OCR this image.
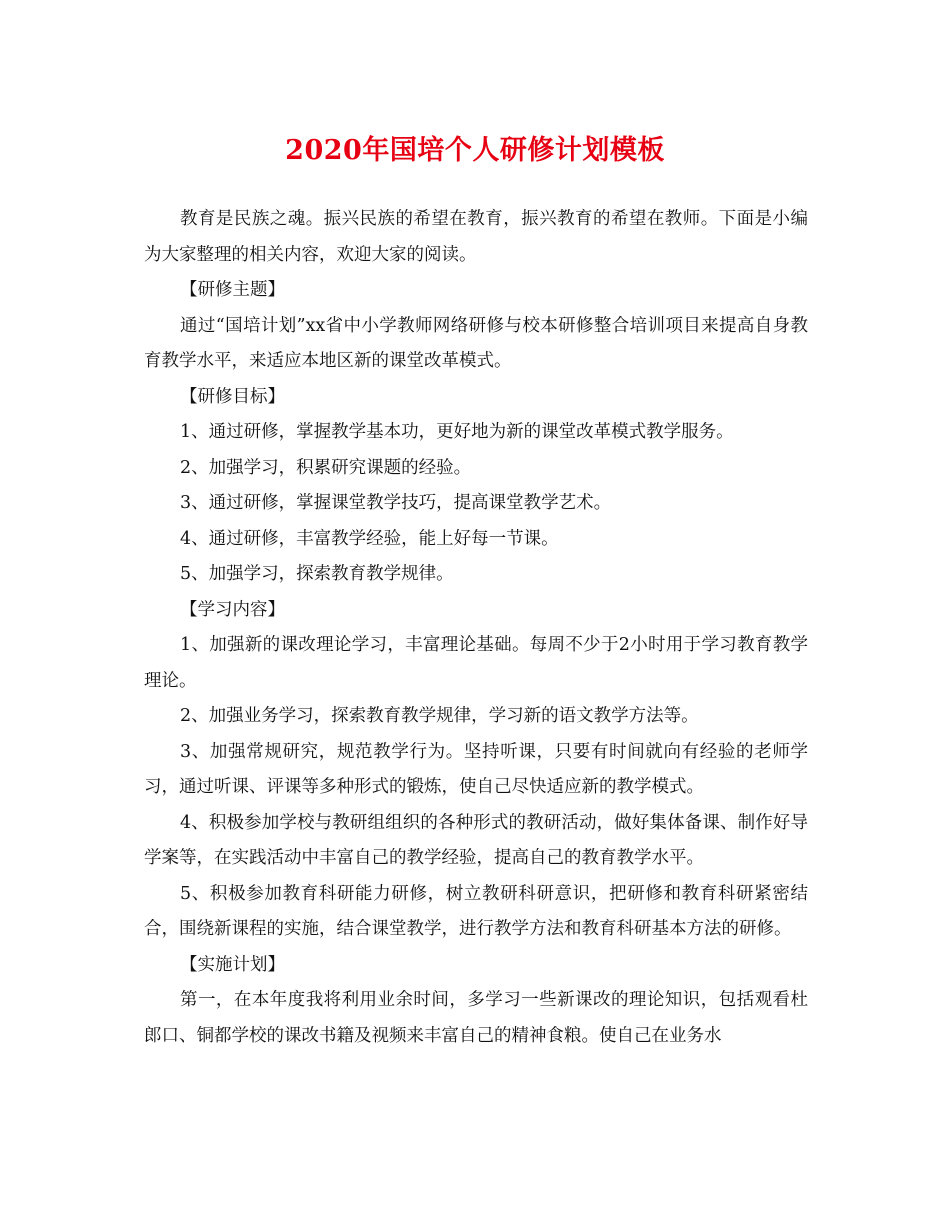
2020年国培个人研修计划模板

教育是民族之魂。振兴民族的希望在教育，振兴教育的希望在教师。下面是小编为大家整理的相关内容，欢迎大家的阅读。

【研修主题】

通过“国培计划”xx省中小学教师网络研修与校本研修整合培训项目来提高自身教育教学水平，来适应本地区新的课堂改革模式。

【研修目标】

1、通过研修，掌握教学基本功，更好地为新的课堂改革模式教学服务。

2、加强学习，积累研究课题的经验。

3、通过研修，掌握课堂教学技巧，提高课堂教学艺术。

4、通过研修，丰富教学经验，能上好每一节课。

5、加强学习，探索教育教学规律。

【学习内容】

1、加强新的课改理论学习，丰富理论基础。每周不少于2小时用于学习教育教学理论。

2、加强业务学习，探索教育教学规律，学习新的语文教学方法等。

3、加强常规研究，规范教学行为。坚持听课，只要有时间就向有经验的老师学习，通过听课、评课等多种形式的锻炼，使自己尽快适应新的教学模式。

4、积极参加学校与教研组组织的各种形式的教研活动，做好集体备课、制作好导学案等，在实践活动中丰富自己的教学经验，提高自己的教育教学水平。

5、积极参加教育科研能力研修，树立教研科研意识，把研修和教育科研紧密结合，围绕新课程的实施，结合课堂教学，进行教学方法和教育科研基本方法的研修。

【实施计划】

第一，在本年度我将利用业余时间，多学习一些新课改的理论知识，包括观看杜郎口、铜都学校的课改书籍及视频来丰富自己的精神食粮。使自己在业务水
